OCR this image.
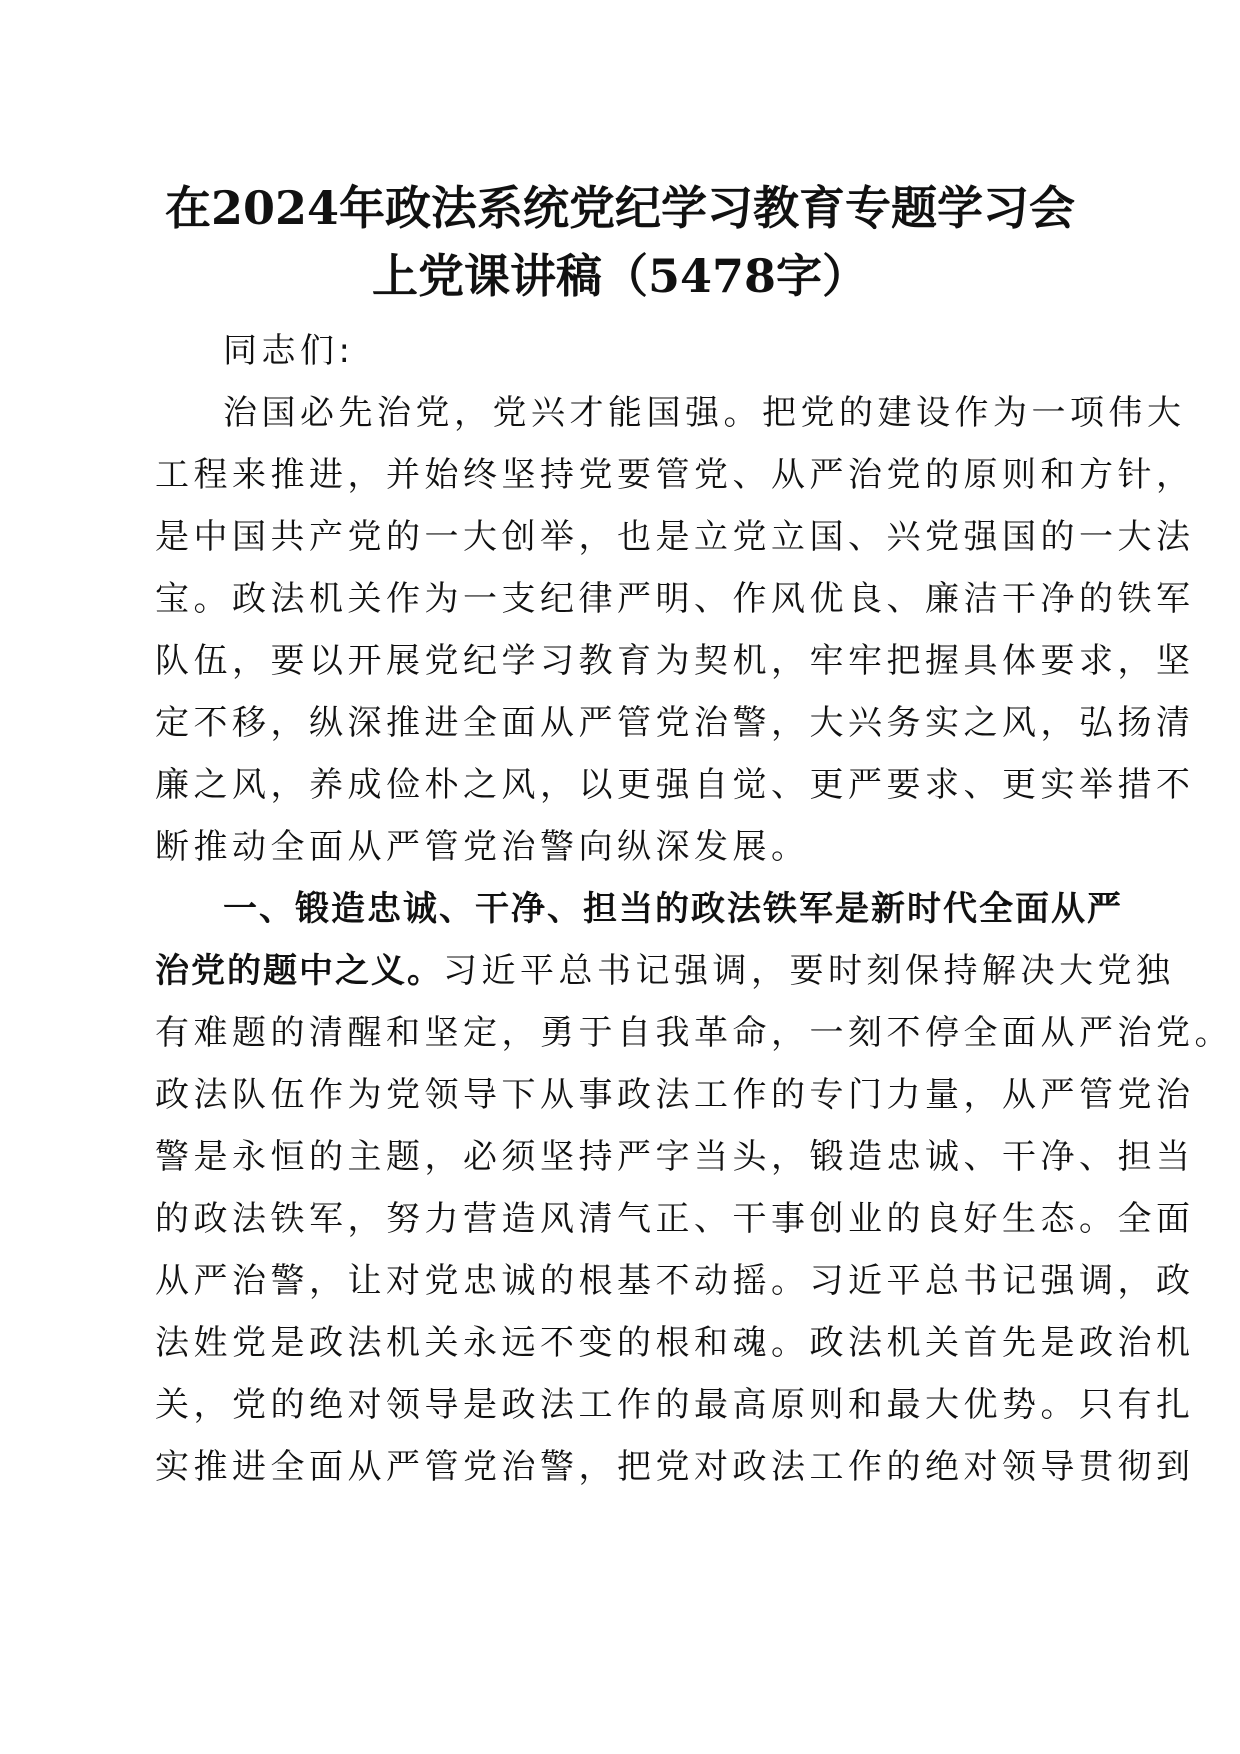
在2024年政法系统党纪学习教育专题学习会
上党课讲稿（5478字）
同志们:
治国必先治党，党兴才能国强。把党的建设作为一项伟大
工程来推进，并始终坚持党要管党、从严治党的原则和方针，
是中国共产党的一大创举，也是立党立国、兴党强国的一大法
宝。政法机关作为一支纪律严明、作风优良、廉洁干净的铁军
队伍，要以开展党纪学习教育为契机，牢牢把握具体要求，坚
定不移，纵深推进全面从严管党治警，大兴务实之风，弘扬清
廉之风，养成俭朴之风，以更强自觉、更严要求、更实举措不
断推动全面从严管党治警向纵深发展。
一、锻造忠诚、干净、担当的政法铁军是新时代全面从严
治党的题中之义。习近平总书记强调，要时刻保持解决大党独
有难题的清醒和坚定，勇于自我革命，一刻不停全面从严治党。
政法队伍作为党领导下从事政法工作的专门力量，从严管党治
警是永恒的主题，必须坚持严字当头，锻造忠诚、干净、担当
的政法铁军，努力营造风清气正、干事创业的良好生态。全面
从严治警，让对党忠诚的根基不动摇。习近平总书记强调，政
法姓党是政法机关永远不变的根和魂。政法机关首先是政治机
关，党的绝对领导是政法工作的最高原则和最大优势。只有扎
实推进全面从严管党治警，把党对政法工作的绝对领导贯彻到
